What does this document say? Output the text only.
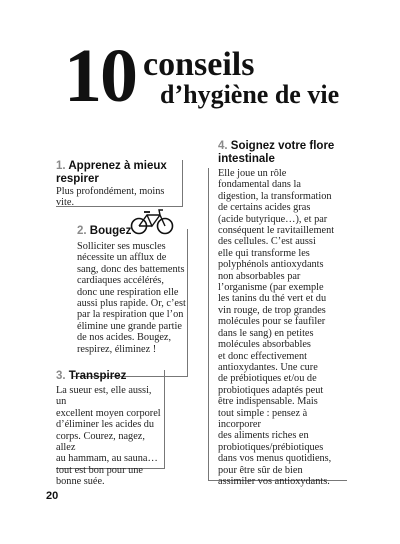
10 conseils
d’hygiène de vie
1. Apprenez à mieux respirer
Plus profondément, moins vite.
2. Bougez
Solliciter ses muscles
nécessite un afflux de
sang, donc des battements
cardiaques accélérés,
donc une respiration elle
aussi plus rapide. Or, c’est
par la respiration que l’on
élimine une grande partie
de nos acides. Bougez,
respirez, éliminez !
3. Transpirez
La sueur est, elle aussi, un
excellent moyen corporel
d’éliminer les acides du
corps. Courez, nagez, allez
au hammam, au sauna…
tout est bon pour une
bonne suée.
4. Soignez votre flore intestinale
Elle joue un rôle
fondamental dans la
digestion, la transformation
de certains acides gras
(acide butyrique…), et par
conséquent le ravitaillement
des cellules. C’est aussi
elle qui transforme les
polyphénols antioxydants
non absorbables par
l’organisme (par exemple
les tanins du thé vert et du
vin rouge, de trop grandes
molécules pour se faufiler
dans le sang) en petites
molécules absorbables
et donc effectivement
antioxydantes. Une cure
de prébiotiques et/ou de
probiotiques adaptés peut
être indispensable. Mais
tout simple : pensez à incorporer
des aliments riches en
probiotiques/prébiotiques
dans vos menus quotidiens,
pour être sûr de bien
assimiler vos antioxydants.
20
